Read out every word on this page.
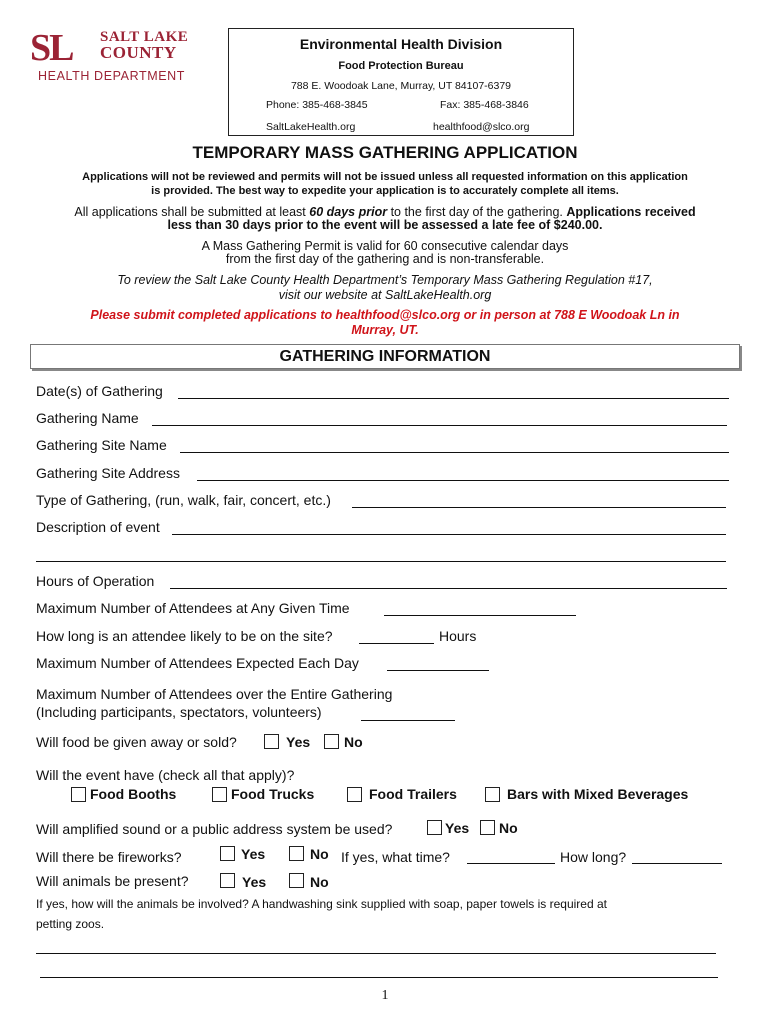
SL SALT LAKE
COUNTY
HEALTH DEPARTMENT
Environmental Health Division
Food Protection Bureau
788 E. Woodoak Lane, Murray, UT 84107-6379
Phone: 385-468-3845	Fax: 385-468-3846
SaltLakeHealth.org	healthfood@slco.org
TEMPORARY MASS GATHERING APPLICATION
Applications will not be reviewed and permits will not be issued unless all requested information on this application
is provided. The best way to expedite your application is to accurately complete all items.
All applications shall be submitted at least 60 days prior to the first day of the gathering. Applications received
less than 30 days prior to the event will be assessed a late fee of $240.00.
A Mass Gathering Permit is valid for 60 consecutive calendar days
from the first day of the gathering and is non-transferable.
To review the Salt Lake County Health Department’s Temporary Mass Gathering Regulation #17,
visit our website at SaltLakeHealth.org
Please submit completed applications to healthfood@slco.org or in person at 788 E Woodoak Ln in
Murray, UT.
GATHERING INFORMATION
Date(s) of Gathering
Gathering Name
Gathering Site Name
Gathering Site Address
Type of Gathering, (run, walk, fair, concert, etc.)
Description of event
Hours of Operation
Maximum Number of Attendees at Any Given Time
How long is an attendee likely to be on the site?	Hours
Maximum Number of Attendees Expected Each Day
Maximum Number of Attendees over the Entire Gathering
(Including participants, spectators, volunteers)
Will food be given away or sold?	Yes No
Will the event have (check all that apply)?
Food Booths	Food Trucks	Food Trailers	Bars with Mixed Beverages
Will amplified sound or a public address system be used?	Yes No
Will there be fireworks?	Yes	No If yes, what time?	How long?
Will animals be present?	Yes	No
If yes, how will the animals be involved? A handwashing sink supplied with soap, paper towels is required at
petting zoos.
1
